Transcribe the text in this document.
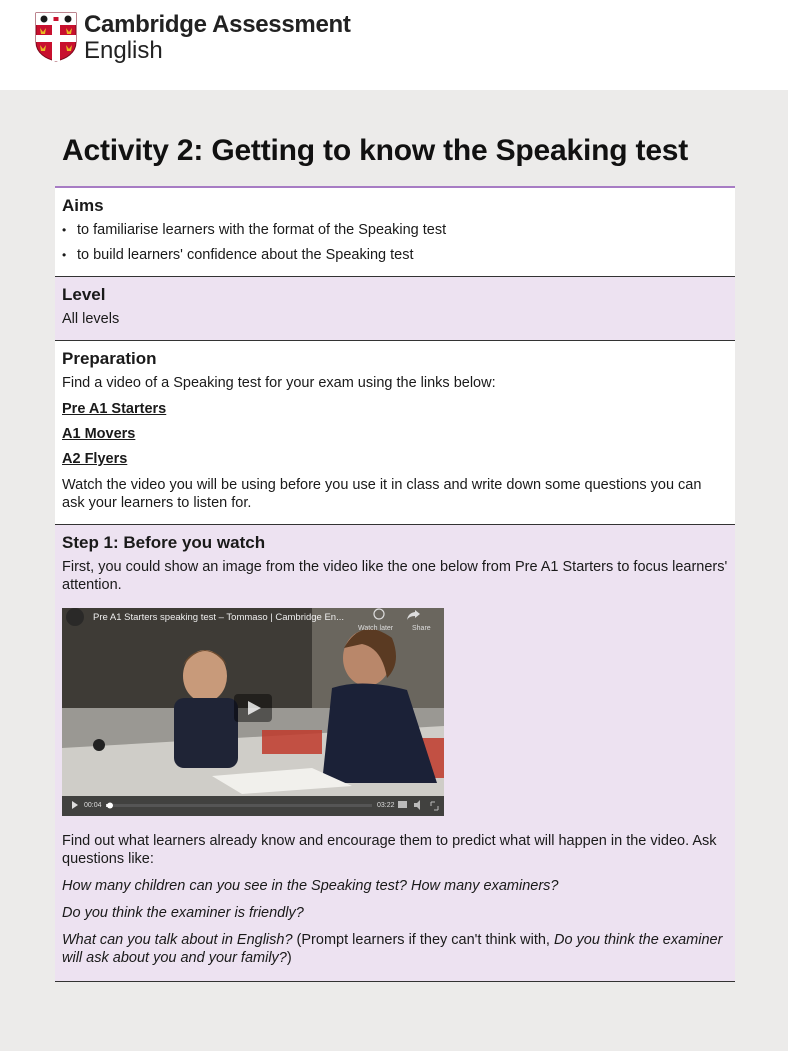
Cambridge Assessment
English
Activity 2: Getting to know the Speaking test
Aims
• to familiarise learners with the format of the Speaking test
• to build learners' confidence about the Speaking test
Level

All levels

Preparation

Find a video of a Speaking test for your exam using the links below:

Pre A1 Starters
A1 Movers
A2 Flyers

Watch the video you will be using before you use it in class and write down some questions you can ask your learners to listen for.

Step 1: Before you watch

First, you could show an image from the video like the one below from Pre A1 Starters to focus learners' attention.

Pre A1 Starters speaking test – Tommaso | Cambridge En...
Watch later	Share
00:04	03:22

Find out what learners already know and encourage them to predict what will happen in the video. Ask questions like:

How many children can you see in the Speaking test? How many examiners?

Do you think the examiner is friendly?

What can you talk about in English? (Prompt learners if they can't think with, Do you think the examiner will ask about you and your family?)
